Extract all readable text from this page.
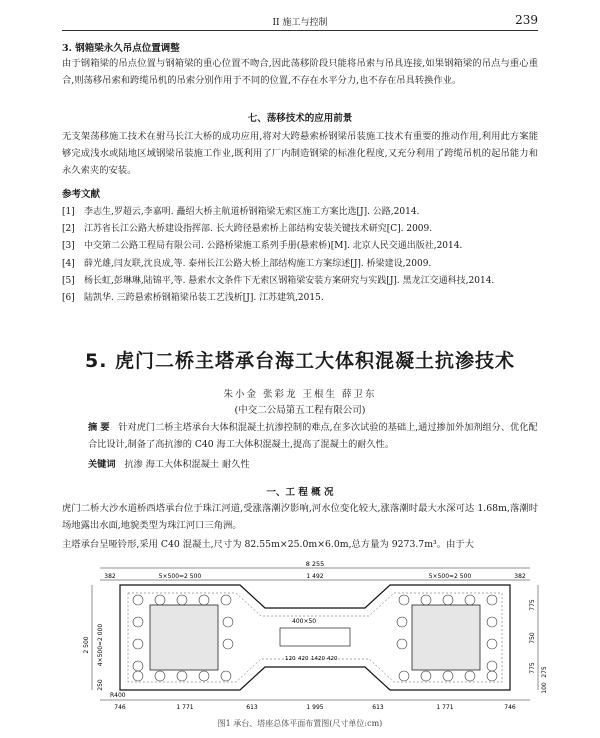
II 施工与控制	239
3. 钢箱梁永久吊点位置调整
由于钢箱梁的吊点位置与钢箱梁的重心位置不吻合,因此荡移阶段只能将吊索与吊具连接,如果钢箱梁的吊点与重心重合,则荡移吊索和跨缆吊机的吊索分别作用于不同的位置,不存在水平分力,也不存在吊具转换作业。
七、荡移技术的应用前景
无支架荡移施工技术在驸马长江大桥的成功应用,将对大跨悬索桥钢梁吊装施工技术有重要的推动作用,利用此方案能够完成浅水或陆地区域钢梁吊装施工作业,既利用了厂内制造钢梁的标准化程度,又充分利用了跨缆吊机的起吊能力和永久索夹的安装。
参考文献
[1] 李志生,罗超云,李嘉明. 矗绍大桥主航道桥钢箱梁无索区施工方案比选[J]. 公路,2014.
[2] 江苏省长江公路大桥建设指挥部. 长大跨径悬索桥上部结构安装关键技术研究[C]. 2009.
[3] 中交第二公路工程局有限公司. 公路桥梁施工系列手册(悬索桥)[M]. 北京人民交通出版社,2014.
[4] 薛光雄,闫友联,沈良成,等. 泰州长江公路大桥上部结构施工方案综述[J]. 桥梁建设,2009.
[5] 杨长虹,彭琳琳,陆锦平,等. 悬索水文条件下无索区钢箱梁安装方案研究与实践[J]. 黑龙江交通科技,2014.
[6] 陆凯华. 三跨悬索桥钢箱梁吊装工艺浅析[J]. 江苏建筑,2015.
5. 虎门二桥主塔承台海工大体积混凝土抗渗技术
朱小金 张彩龙 王根生 薛卫东
(中交二公局第五工程有限公司)
摘 要 针对虎门二桥主塔承台大体积混凝土抗渗控制的难点,在多次试验的基础上,通过掺加外加剂组分、优化配合比设计,制备了高抗渗的 C40 海工大体积混凝土,提高了混凝土的耐久性。
关键词 抗渗 海工大体积混凝土 耐久性
一、工 程 概 况
虎门二桥大沙水道桥西塔承台位于珠江河道,受涨落潮汐影响,河水位变化较大,涨落潮时最大水深可达 1.68m,落潮时场地露出水面,地貌类型为珠江河口三角洲。
主塔承台呈哑铃形,采用 C40 混凝土,尺寸为 82.55m×25.0m×6.0m,总方量为 9273.7m³。由于大
8 255
382	5×500=2 500	1 492	5×500=2 500	382
400×50
120 420 1420 420
R400
2 500 4×500=2 000
250
775
750
775 275
100
746	1 771	613	1 995	613	1 771	746
图1 承台、塔座总体平面布置图(尺寸单位:cm)
